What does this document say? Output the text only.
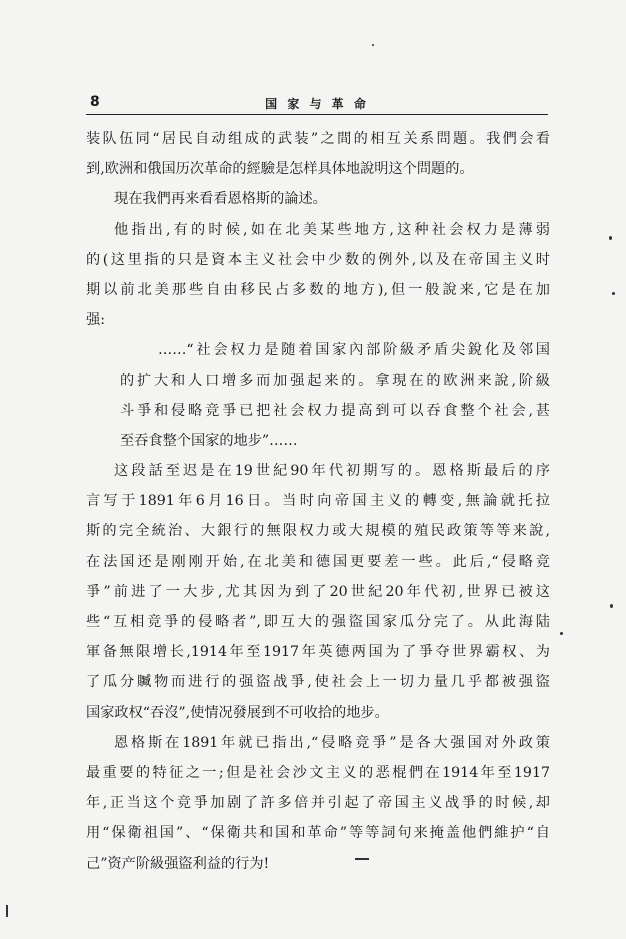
8	国 家 与 革 命
装队伍同“居民自动组成的武装”之間的相互关系問題。我們会看
到,欧洲和俄国历次革命的經驗是怎样具体地說明这个問題的。
現在我們再来看看恩格斯的論述。
他指出,有的时候,如在北美某些地方,这种社会权力是薄弱
的(这里指的只是資本主义社会中少数的例外,以及在帝国主义时
期以前北美那些自由移民占多数的地方),但一般說来,它是在加
强:
……“社会权力是随着国家內部阶級矛盾尖銳化及邻国
的扩大和人口增多而加强起来的。拿現在的欧洲来說,阶級
斗爭和侵略竞爭已把社会权力提高到可以吞食整个社会,甚
至吞食整个国家的地步”……
这段話至迟是在19世紀90年代初期写的。恩格斯最后的序
言写于1891年6月16日。当时向帝国主义的轉变,無論就托拉
斯的完全統治、大銀行的無限权力或大規模的殖民政策等等来說,
在法国还是刚刚开始,在北美和德国更要差一些。此后,“侵略竞
爭”前进了一大步,尤其因为到了20世紀20年代初,世界已被这
些“互相竞爭的侵略者”,即互大的强盜国家瓜分完了。从此海陆
軍备無限增长,1914年至1917年英德两国为了爭夺世界霸权、为
了瓜分贓物而进行的强盜战爭,使社会上一切力量几乎都被强盜
国家政权“吞沒”,使情况發展到不可收拾的地步。
恩格斯在1891年就已指出,“侵略竞爭”是各大强国对外政策
最重要的特征之一;但是社会沙文主义的恶棍們在1914年至1917
年,正当这个竞爭加剧了許多倍并引起了帝国主义战爭的时候,却
用“保衛祖国”、“保衛共和国和革命”等等詞句来掩盖他們維护“自
己”资产阶級强盜利益的行为!
